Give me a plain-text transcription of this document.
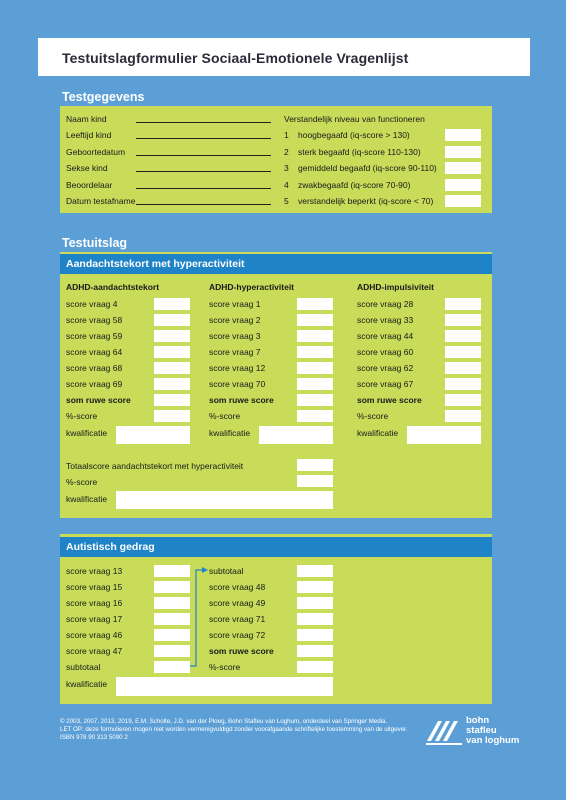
Testuitslagformulier Sociaal-Emotionele Vragenlijst
Testgegevens
Naam kind
Leeftijd kind
Geboortedatum
Sekse kind
Beoordelaar
Datum testafname
Verstandelijk niveau van functioneren
1 hoogbegaafd (iq-score > 130)
2 sterk begaafd (iq-score 110-130)
3 gemiddeld begaafd (iq-score 90-110)
4 zwakbegaafd (iq-score 70-90)
5 verstandelijk beperkt (iq-score < 70)
Testuitslag
Aandachtstekort met hyperactiviteit
ADHD-aandachtstekort	ADHD-hyperactiviteit	ADHD-impulsiviteit
score vraag 4
score vraag 58
score vraag 59
score vraag 64
score vraag 68
score vraag 69
som ruwe score
%-score
kwalificatie
score vraag 1
score vraag 2
score vraag 3
score vraag 7
score vraag 12
score vraag 70
som ruwe score
%-score
kwalificatie
score vraag 28
score vraag 33
score vraag 44
score vraag 60
score vraag 62
score vraag 67
som ruwe score
%-score
kwalificatie
Totaalscore aandachtstekort met hyperactiviteit
%-score
kwalificatie
Autistisch gedrag
score vraag 13
score vraag 15
score vraag 16
score vraag 17
score vraag 46
score vraag 47
subtotaal
subtotaal
score vraag 48
score vraag 49
score vraag 71
score vraag 72
som ruwe score
%-score
kwalificatie
© 2003, 2007, 2013, 2019, E.M. Scholte, J.D. van der Ploeg, Bohn Stafleu van Loghum, onderdeel van Springer Media.
LET OP: deze formulieren mogen niet worden vermenigvuldigd zonder voorafgaande schriftelijke toestemming van de uitgever.
ISBN 978 90 313 5090 2
bohn
stafleu
van loghum
